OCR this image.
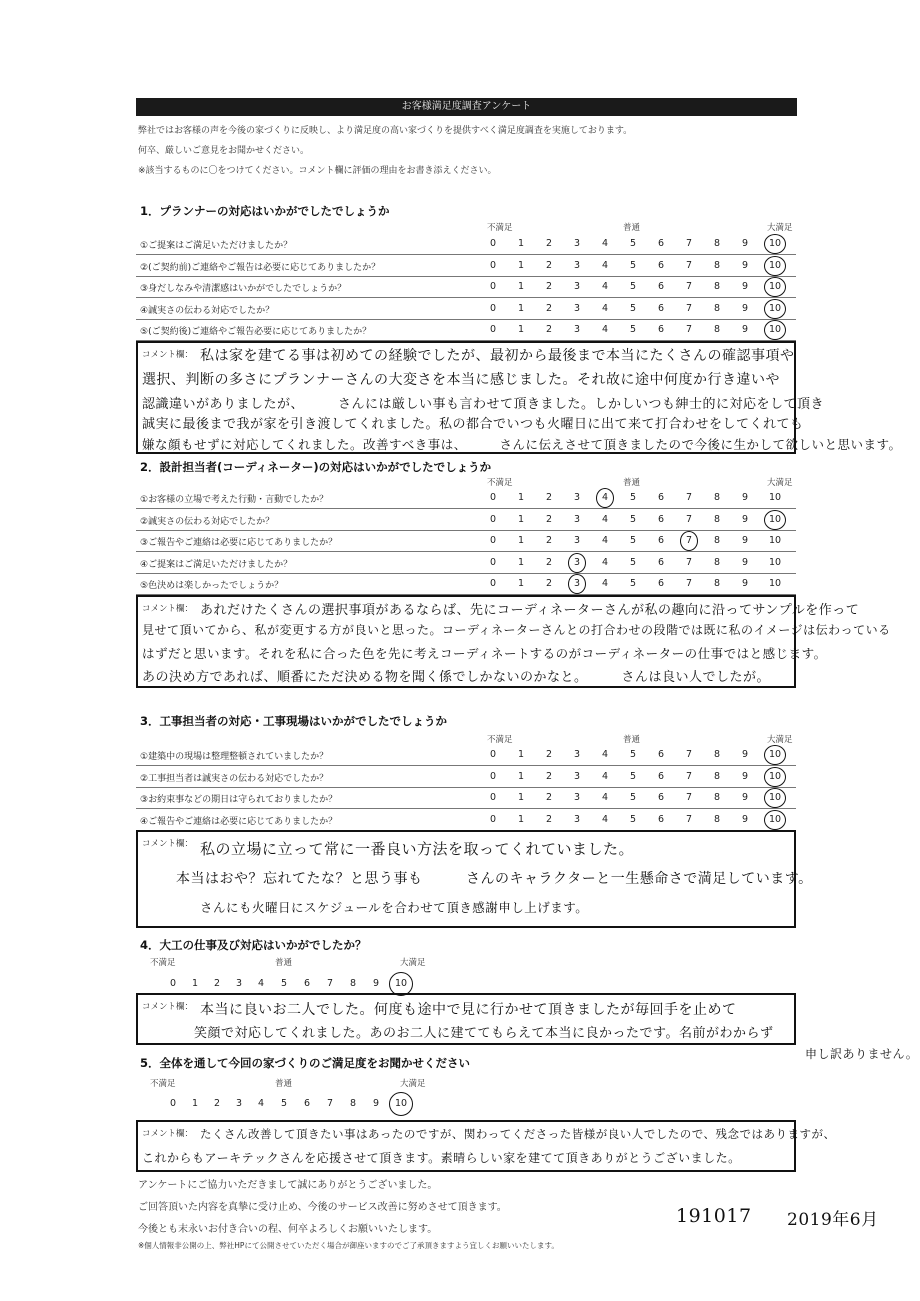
お客様満足度調査アンケート
弊社ではお客様の声を今後の家づくりに反映し、より満足度の高い家づくりを提供すべく満足度調査を実施しております。
何卒、厳しいご意見をお聞かせください。
※該当するものに〇をつけてください。コメント欄に評価の理由をお書き添えください。
1．プランナーの対応はいかがでしたでしょうか
不満足	普通	大満足
①ご提案はご満足いただけましたか？	0	1	2	3	4	5	6	7	8	9	10
②(ご契約前)ご連絡やご報告は必要に応じてありましたか？	0	1	2	3	4	5	6	7	8	9	10
③身だしなみや清潔感はいかがでしたでしょうか？	0	1	2	3	4	5	6	7	8	9	10
④誠実さの伝わる対応でしたか？	0	1	2	3	4	5	6	7	8	9	10
⑤(ご契約後)ご連絡やご報告必要に応じてありましたか？	0	1	2	3	4	5	6	7	8	9	10
コメント欄： 私は家を建てる事は初めての経験でしたが、最初から最後まで本当にたくさんの確認事項や
選択、判断の多さにプランナーさんの大変さを本当に感じました。それ故に途中何度か行き違いや
認識違いがありましたが、　　　さんには厳しい事も言わせて頂きました。しかしいつも紳士的に対応をして頂き
誠実に最後まで我が家を引き渡してくれました。私の都合でいつも火曜日に出て来て打合わせをしてくれても
嫌な顔もせずに対応してくれました。改善すべき事は、　　　さんに伝えさせて頂きましたので今後に生かして欲しいと思います。
2．設計担当者(コーディネーター)の対応はいかがでしたでしょうか
不満足	普通	大満足
①お客様の立場で考えた行動・言動でしたか？	0	1	2	3	4	5	6	7	8	9	10
②誠実さの伝わる対応でしたか？	0	1	2	3	4	5	6	7	8	9	10
③ご報告やご連絡は必要に応じてありましたか？	0	1	2	3	4	5	6	7	8	9	10
④ご提案はご満足いただけましたか？	0	1	2	3	4	5	6	7	8	9	10
⑤色決めは楽しかったでしょうか？	0	1	2	3	4	5	6	7	8	9	10
コメント欄： あれだけたくさんの選択事項があるならば、先にコーディネーターさんが私の趣向に沿ってサンプルを作って
見せて頂いてから、私が変更する方が良いと思った。コーディネーターさんとの打合わせの段階では既に私のイメージは伝わっている
はずだと思います。それを私に合った色を先に考えコーディネートするのがコーディネーターの仕事ではと感じます。
あの決め方であれば、順番にただ決める物を聞く係でしかないのかなと。　　　さんは良い人でしたが。
3．工事担当者の対応・工事現場はいかがでしたでしょうか
不満足	普通	大満足
①建築中の現場は整理整頓されていましたか？	0	1	2	3	4	5	6	7	8	9	10
②工事担当者は誠実さの伝わる対応でしたか？	0	1	2	3	4	5	6	7	8	9	10
③お約束事などの期日は守られておりましたか？	0	1	2	3	4	5	6	7	8	9	10
④ご報告やご連絡は必要に応じてありましたか？	0	1	2	3	4	5	6	7	8	9	10
コメント欄： 私の立場に立って常に一番良い方法を取ってくれていました。
本当はおや？忘れてたな？と思う事も　　　さんのキャラクターと一生懸命さで満足しています。
さんにも火曜日にスケジュールを合わせて頂き感謝申し上げます。
4．大工の仕事及び対応はいかがでしたか？
不満足	普通	大満足
0	1	2	3	4	5	6	7	8	9	10
コメント欄： 本当に良いお二人でした。何度も途中で見に行かせて頂きましたが毎回手を止めて
笑顔で対応してくれました。あのお二人に建ててもらえて本当に良かったです。名前がわからず
申し訳ありません。
5．全体を通して今回の家づくりのご満足度をお聞かせください
不満足	普通	大満足
0	1	2	3	4	5	6	7	8	9	10
コメント欄： たくさん改善して頂きたい事はあったのですが、関わってくださった皆様が良い人でしたので、残念ではありますが、
これからもアーキテックさんを応援させて頂きます。素晴らしい家を建てて頂きありがとうございました。
アンケートにご協力いただきまして誠にありがとうございました。
ご回答頂いた内容を真摯に受け止め、今後のサービス改善に努めさせて頂きます。
今後とも末永いお付き合いの程、何卒よろしくお願いいたします。
※個人情報非公開の上、弊社HPにて公開させていただく場合が御座いますのでご了承頂きますよう宜しくお願いいたします。
191017 2019年6月
